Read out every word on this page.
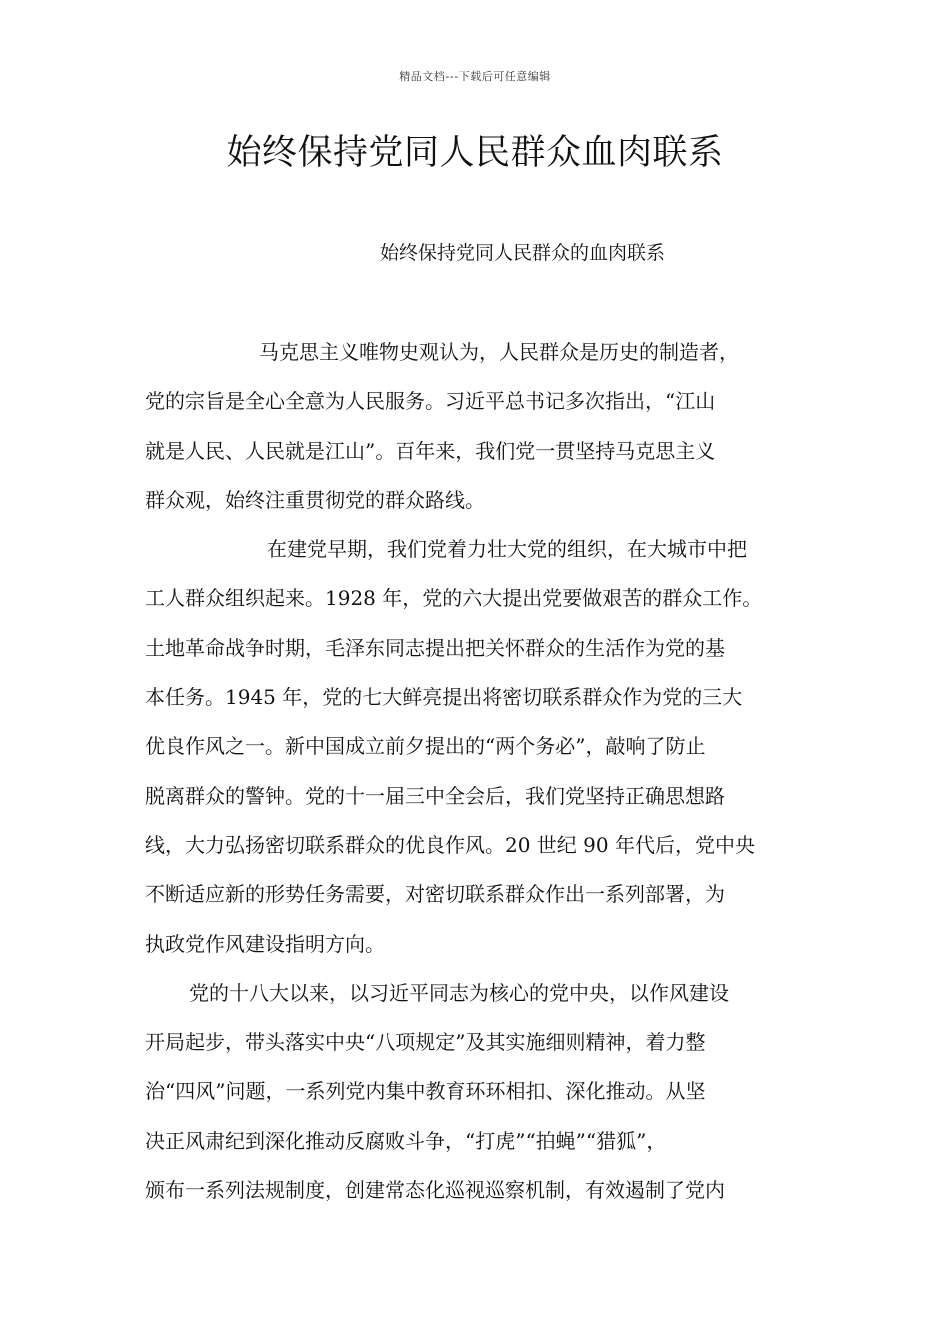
精品文档---下载后可任意编辑
始终保持党同人民群众血肉联系
始终保持党同人民群众的血肉联系
马克思主义唯物史观认为，人民群众是历史的制造者，
党的宗旨是全心全意为人民服务。习近平总书记多次指出，“江山
就是人民、人民就是江山”。百年来，我们党一贯坚持马克思主义
群众观，始终注重贯彻党的群众路线。
在建党早期，我们党着力壮大党的组织，在大城市中把
工人群众组织起来。1928 年，党的六大提出党要做艰苦的群众工作。
土地革命战争时期，毛泽东同志提出把关怀群众的生活作为党的基
本任务。1945 年，党的七大鲜亮提出将密切联系群众作为党的三大
优良作风之一。新中国成立前夕提出的“两个务必”，敲响了防止
脱离群众的警钟。党的十一届三中全会后，我们党坚持正确思想路
线，大力弘扬密切联系群众的优良作风。20 世纪 90 年代后，党中央
不断适应新的形势任务需要，对密切联系群众作出一系列部署，为
执政党作风建设指明方向。
党的十八大以来，以习近平同志为核心的党中央，以作风建设
开局起步，带头落实中央“八项规定”及其实施细则精神，着力整
治“四风”问题，一系列党内集中教育环环相扣、深化推动。从坚
决正风肃纪到深化推动反腐败斗争，“打虎”“拍蝇”“猎狐”，
颁布一系列法规制度，创建常态化巡视巡察机制，有效遏制了党内
